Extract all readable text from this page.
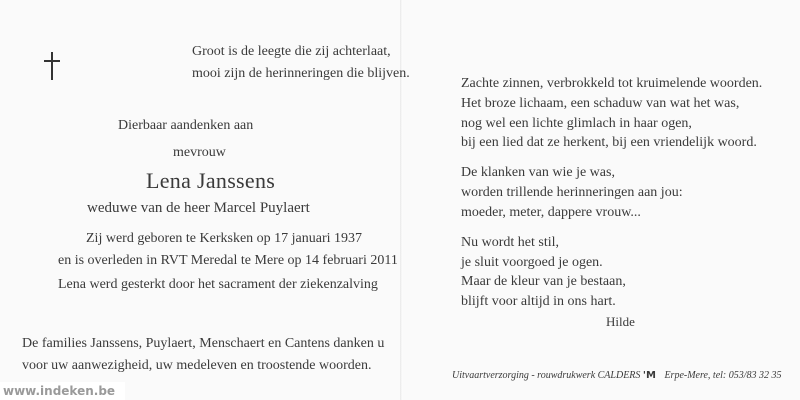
Groot is de leegte die zij achterlaat,
mooi zijn de herinneringen die blijven.
Dierbaar aandenken aan
mevrouw
Lena Janssens
weduwe van de heer Marcel Puylaert
Zij werd geboren te Kerksken op 17 januari 1937
en is overleden in RVT Meredal te Mere op 14 februari 2011
Lena werd gesterkt door het sacrament der ziekenzalving
De families Janssens, Puylaert, Menschaert en Cantens danken u
voor uw aanwezigheid, uw medeleven en troostende woorden.
Zachte zinnen, verbrokkeld tot kruimelende woorden.
Het broze lichaam, een schaduw van wat het was,
nog wel een lichte glimlach in haar ogen,
bij een lied dat ze herkent, bij een vriendelijk woord.
De klanken van wie je was,
worden trillende herinneringen aan jou:
moeder, meter, dappere vrouw...
Nu wordt het stil,
je sluit voorgoed je ogen.
Maar de kleur van je bestaan,
blijft voor altijd in ons hart.
Hilde
Uitvaartverzorging - rouwdrukwerk CALDERS 'M Erpe-Mere, tel: 053/83 32 35
www.indeken.be
